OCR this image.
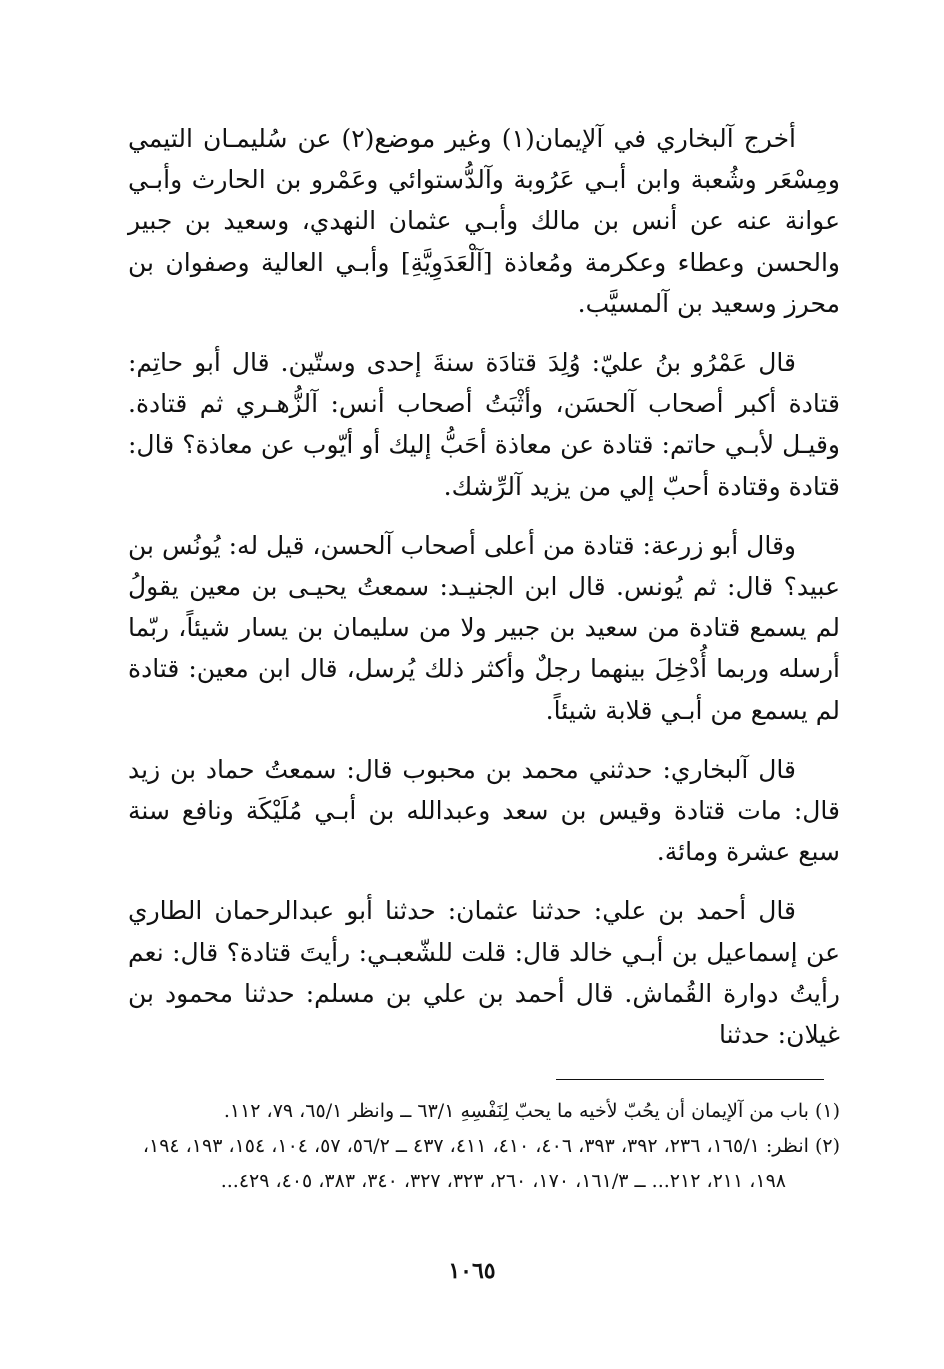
أخرج آلبخاري في آلإيمان(١) وغير موضع(٢) عن سُليمـان التيمي ومِسْعَر وشُعبة وابن أبـي عَرُوبة وآلدُّستوائي وعَمْرو بن الحارث وأبـي عوانة عنه عن أنس بن مالك وأبـي عثمان النهدي، وسعيد بن جبير والحسن وعطاء وعكرمة ومُعاذة [آلْعَدَوِيَّةِ] وأبـي العالية وصفوان بن محرز وسعيد بن آلمسيَّب.

قال عَمْرُو بنُ عليّ: وُلِدَ قتادَة سنةَ إحدى وستّين. قال أبو حاتِم: قتادة أكبر أصحاب آلحسَن، وأثْبَتُ أصحاب أنس: آلزُّهـري ثم قتادة. وقيـل لأبـي حاتم: قتادة عن معاذة أحَبُّ إليك أو أيّوب عن معاذة؟ قال: قتادة وقتادة أحبّ إلي من يزيد آلرِّشك.

وقال أبو زرعة: قتادة من أعلى أصحاب آلحسن، قيل له: يُونُس بن عبيد؟ قال: ثم يُونس. قال ابن الجنيـد: سمعتُ يحيـى بن معين يقولُ لم يسمع قتادة من سعيد بن جبير ولا من سليمان بن يسار شيئاً، ربّما أرسله وربما أُدْخِلَ بينهما رجلٌ وأكثر ذلك يُرسل، قال ابن معين: قتادة لم يسمع من أبـي قلابة شيئاً.

قال آلبخاري: حدثني محمد بن محبوب قال: سمعتُ حماد بن زيد قال: مات قتادة وقيس بن سعد وعبدالله بن أبـي مُلَيْكَة ونافع سنة سبع عشرة ومائة.

قال أحمد بن علي: حدثنا عثمان: حدثنا أبو عبدالرحمان الطاري عن إسماعيل بن أبـي خالد قال: قلت للشّعبـي: رأيتَ قتادة؟ قال: نعم رأيتُ دوارة القُماش. قال أحمد بن علي بن مسلم: حدثنا محمود بن غيلان: حدثنا

(١) باب من آلإيمان أن يحُبّ لأخيه ما يحبّ لِنَفْسِهِ ٦٣/١ ــ وانظر ٦٥/١، ٧٩، ١١٢.

(٢) انظر: ١٦٥/١، ٢٣٦، ٣٩٢، ٣٩٣، ٤٠٦، ٤١٠، ٤١١، ٤٣٧ ــ ٥٦/٢، ٥٧، ١٠٤، ١٥٤، ١٩٣، ١٩٤، ١٩٨، ٢١١، ٢١٢... ــ ١٦١/٣، ١٧٠، ٢٦٠، ٣٢٣، ٣٢٧، ٣٤٠، ٣٨٣، ٤٠٥، ٤٢٩...

١٠٦٥
